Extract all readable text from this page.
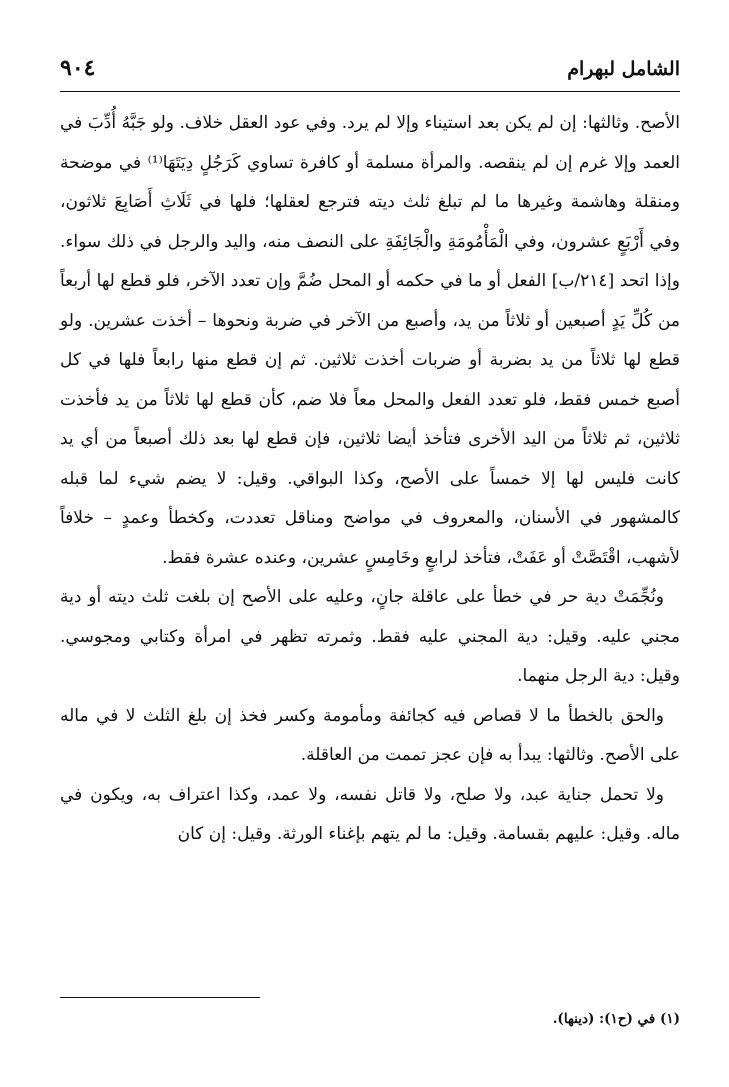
الشامل لبهرام
٩٠٤

الأصح. وثالثها: إن لم يكن بعد استيناء وإلا لم يرد. وفي عود العقل خلاف. ولو جَبَّهُ أُدِّبَ في العمد وإلا غرم إن لم ينقصه. والمرأة مسلمة أو كافرة تساوي كَرَجُلٍ دِيَتَهَا⁽¹⁾ في موضحة ومنقلة وهاشمة وغيرها ما لم تبلغ ثلث ديته فترجع لعقلها؛ فلها في ثَلَاثِ أَصَابِعَ ثلاثون، وفي أَرْبَعٍ عشرون، وفي الْمَأْمُومَةِ والْجَائِفَةِ على النصف منه، واليد والرجل في ذلك سواء. وإذا اتحد [٢١٤/ب] الفعل أو ما في حكمه أو المحل ضُمَّ وإن تعدد الآخر، فلو قطع لها أربعاً من كُلِّ يَدٍ أصبعين أو ثلاثاً من يد، وأصبع من الآخر في ضربة ونحوها – أخذت عشرين. ولو قطع لها ثلاثاً من يد بضربة أو ضربات أخذت ثلاثين. ثم إن قطع منها رابعاً فلها في كل أصبع خمس فقط، فلو تعدد الفعل والمحل معاً فلا ضم، كأن قطع لها ثلاثاً من يد فأخذت ثلاثين، ثم ثلاثاً من اليد الأخرى فتأخذ أيضا ثلاثين، فإن قطع لها بعد ذلك أصبعاً من أي يد كانت فليس لها إلا خمساً على الأصح، وكذا البواقي. وقيل: لا يضم شيء لما قبله كالمشهور في الأسنان، والمعروف في مواضح ومناقل تعددت، وكخطأ وعمدٍ – خلافاً لأشهب، اقْتَصَّتْ أو عَفَتْ، فتأخذ لرابعٍ وخَامِسٍ عشرين، وعنده عشرة فقط.

ونُجِّمَتْ دية حر في خطأ على عاقلة جانٍ، وعليه على الأصح إن بلغت ثلث ديته أو دية مجني عليه. وقيل: دية المجني عليه فقط. وثمرته تظهر في امرأة وكتابي ومجوسي. وقيل: دية الرجل منهما.

والحق بالخطأ ما لا قصاص فيه كجائفة ومأمومة وكسر فخذ إن بلغ الثلث لا في ماله على الأصح. وثالثها: يبدأ به فإن عجز تممت من العاقلة.

ولا تحمل جناية عبد، ولا صلح، ولا قاتل نفسه، ولا عمد، وكذا اعتراف به، ويكون في ماله. وقيل: عليهم بقسامة. وقيل: ما لم يتهم بإغناء الورثة. وقيل: إن كان

(١) في (ح١): (دينها).
